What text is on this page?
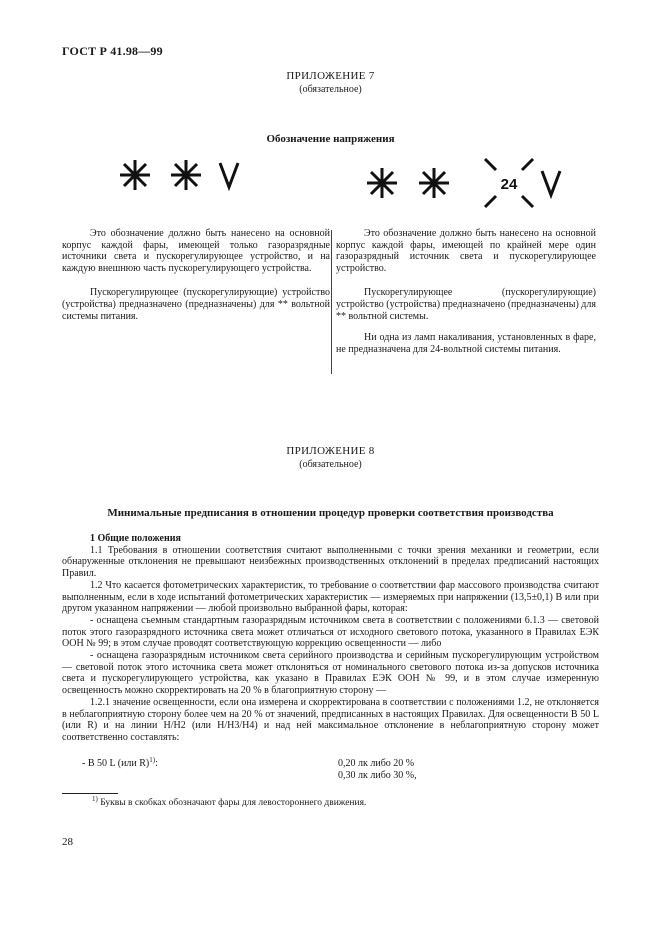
ГОСТ Р 41.98—99
ПРИЛОЖЕНИЕ 7
(обязательное)
Обозначение напряжения
24

Это обозначение должно быть нанесено на основной корпус каждой фары, имеющей только газоразрядные источники света и пускорегулирующее устройство, и на каждую внешнюю часть пускорегулирующего устройства.

Пускорегулирующее (пускорегулирующие) устройство (устройства) предназначено (предназначены) для ** вольтной системы питания.

Это обозначение должно быть нанесено на основной корпус каждой фары, имеющей по крайней мере один газоразрядный источник света и пускорегулирующее устройство.

Пускорегулирующее (пускорегулирующие) устройство (устройства) предназначено (предназначены) для ** вольтной системы.

Ни одна из ламп накаливания, установленных в фаре, не предназначена для 24-вольтной системы питания.

ПРИЛОЖЕНИЕ 8
(обязательное)
Минимальные предписания в отношении процедур проверки соответствия производства

1 Общие положения

1.1 Требования в отношении соответствия считают выполненными с точки зрения механики и геометрии, если обнаруженные отклонения не превышают неизбежных производственных отклонений в пределах предписаний настоящих Правил.

1.2 Что касается фотометрических характеристик, то требование о соответствии фар массового производства считают выполненным, если в ходе испытаний фотометрических характеристик — измеряемых при напряжении (13,5±0,1) В или при другом указанном напряжении — любой произвольно выбранной фары, которая:

- оснащена съемным стандартным газоразрядным источником света в соответствии с положениями 6.1.3 — световой поток этого газоразрядного источника света может отличаться от исходного светового потока, указанного в Правилах ЕЭК ООН № 99; в этом случае проводят соответствующую коррекцию освещенности — либо

- оснащена газоразрядным источником света серийного производства и серийным пускорегулирующим устройством — световой поток этого источника света может отклоняться от номинального светового потока из-за допусков источника света и пускорегулирующего устройства, как указано в Правилах ЕЭК ООН № 99, и в этом случае измеренную освещенность можно скорректировать на 20 % в благоприятную сторону —

1.2.1 значение освещенности, если она измерена и скорректирована в соответствии с положениями 1.2, не отклоняется в неблагоприятную сторону более чем на 20 % от значений, предписанных в настоящих Правилах. Для освещенности В 50 L (или R) и на линии H/H2 (или H/H3/H4) и над ней максимальное отклонение в неблагоприятную сторону может соответственно составлять:

- В 50 L (или R)$^{1)}$:	0,20 лк либо 20 %
0,30 лк либо 30 %,
$^{1)}$ Буквы в скобках обозначают фары для левостороннего движения.
28
